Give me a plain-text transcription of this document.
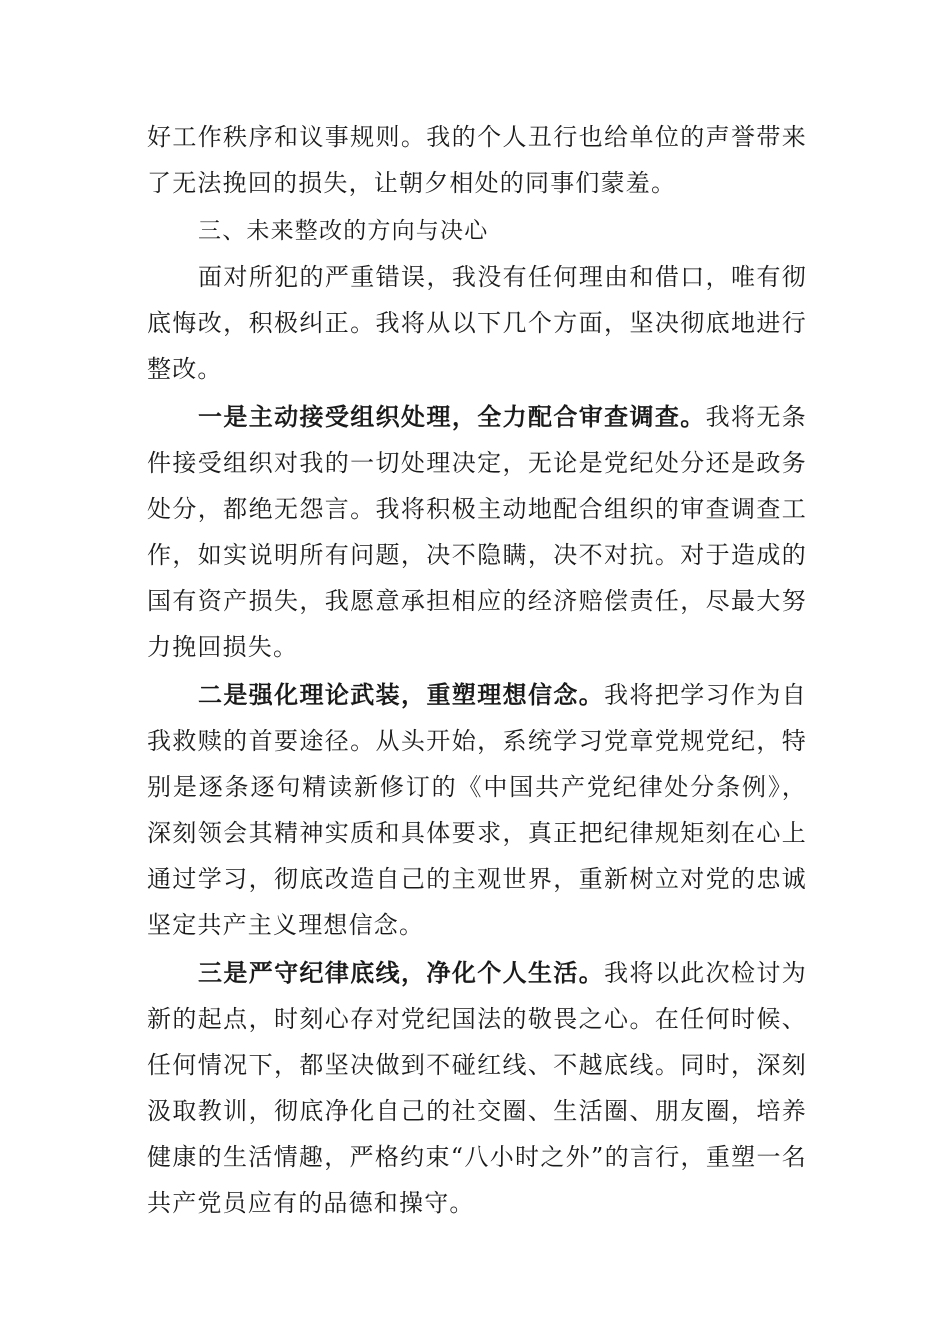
好工作秩序和议事规则。我的个人丑行也给单位的声誉带来了无法挽回的损失，让朝夕相处的同事们蒙羞。

三、未来整改的方向与决心

面对所犯的严重错误，我没有任何理由和借口，唯有彻底悔改，积极纠正。我将从以下几个方面，坚决彻底地进行整改。

一是主动接受组织处理，全力配合审查调查。我将无条件接受组织对我的一切处理决定，无论是党纪处分还是政务处分，都绝无怨言。我将积极主动地配合组织的审查调查工作，如实说明所有问题，决不隐瞒，决不对抗。对于造成的国有资产损失，我愿意承担相应的经济赔偿责任，尽最大努力挽回损失。

二是强化理论武装，重塑理想信念。我将把学习作为自我救赎的首要途径。从头开始，系统学习党章党规党纪，特别是逐条逐句精读新修订的《中国共产党纪律处分条例》，深刻领会其精神实质和具体要求，真正把纪律规矩刻在心上通过学习，彻底改造自己的主观世界，重新树立对党的忠诚坚定共产主义理想信念。

三是严守纪律底线，净化个人生活。我将以此次检讨为新的起点，时刻心存对党纪国法的敬畏之心。在任何时候、任何情况下，都坚决做到不碰红线、不越底线。同时，深刻汲取教训，彻底净化自己的社交圈、生活圈、朋友圈，培养健康的生活情趣，严格约束“八小时之外”的言行，重塑一名共产党员应有的品德和操守。
